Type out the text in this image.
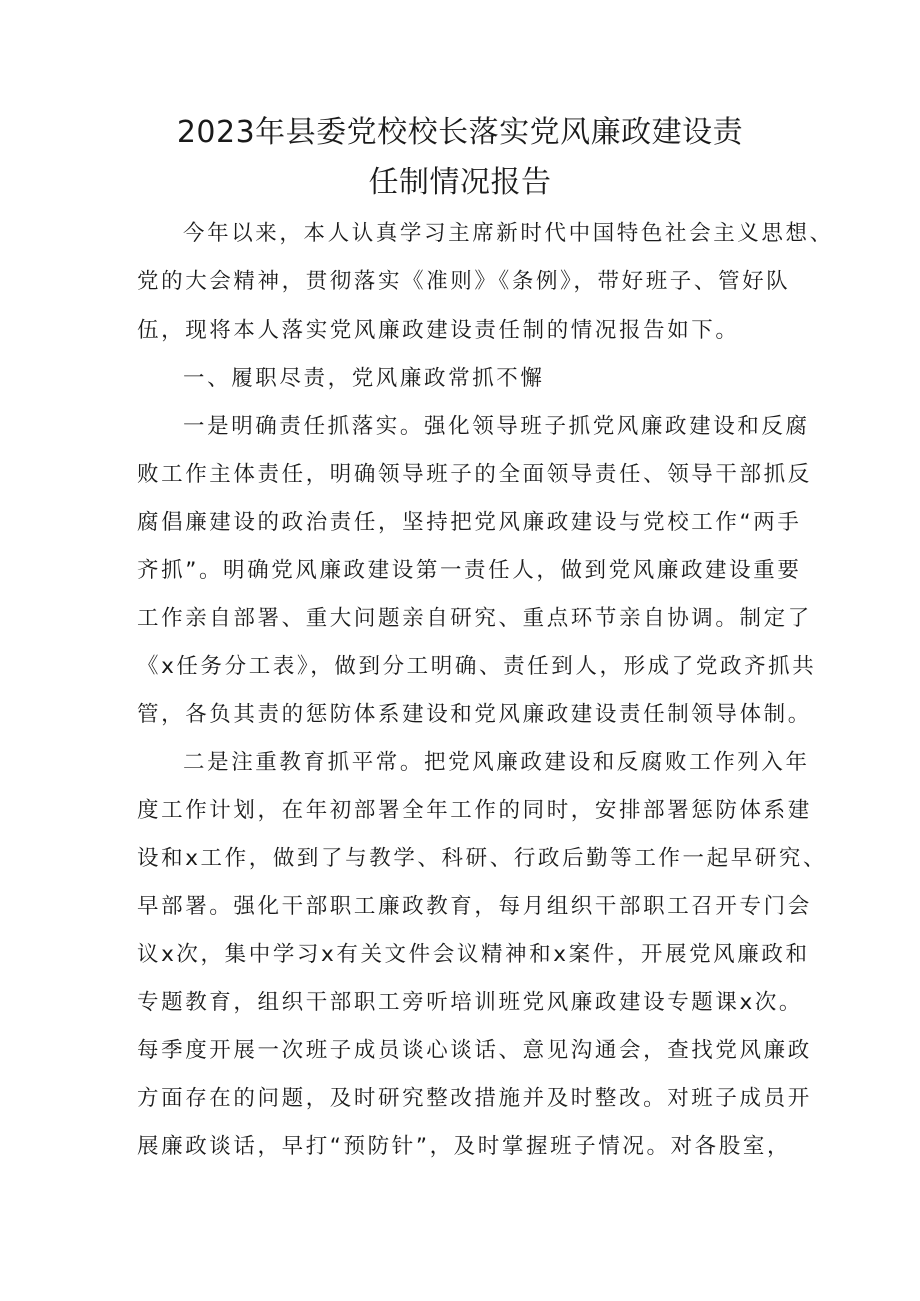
2023年县委党校校长落实党风廉政建设责
任制情况报告
今年以来，本人认真学习主席新时代中国特色社会主义思想、
党的大会精神，贯彻落实《准则》《条例》，带好班子、管好队
伍，现将本人落实党风廉政建设责任制的情况报告如下。
一、履职尽责，党风廉政常抓不懈
一是明确责任抓落实。强化领导班子抓党风廉政建设和反腐
败工作主体责任，明确领导班子的全面领导责任、领导干部抓反
腐倡廉建设的政治责任，坚持把党风廉政建设与党校工作“两手
齐抓”。明确党风廉政建设第一责任人，做到党风廉政建设重要
工作亲自部署、重大问题亲自研究、重点环节亲自协调。制定了
《x任务分工表》，做到分工明确、责任到人，形成了党政齐抓共
管，各负其责的惩防体系建设和党风廉政建设责任制领导体制。
二是注重教育抓平常。把党风廉政建设和反腐败工作列入年
度工作计划，在年初部署全年工作的同时，安排部署惩防体系建
设和x工作，做到了与教学、科研、行政后勤等工作一起早研究、
早部署。强化干部职工廉政教育，每月组织干部职工召开专门会
议x次，集中学习x有关文件会议精神和x案件，开展党风廉政和
专题教育，组织干部职工旁听培训班党风廉政建设专题课x次。
每季度开展一次班子成员谈心谈话、意见沟通会，查找党风廉政
方面存在的问题，及时研究整改措施并及时整改。对班子成员开
展廉政谈话，早打“预防针”，及时掌握班子情况。对各股室，
